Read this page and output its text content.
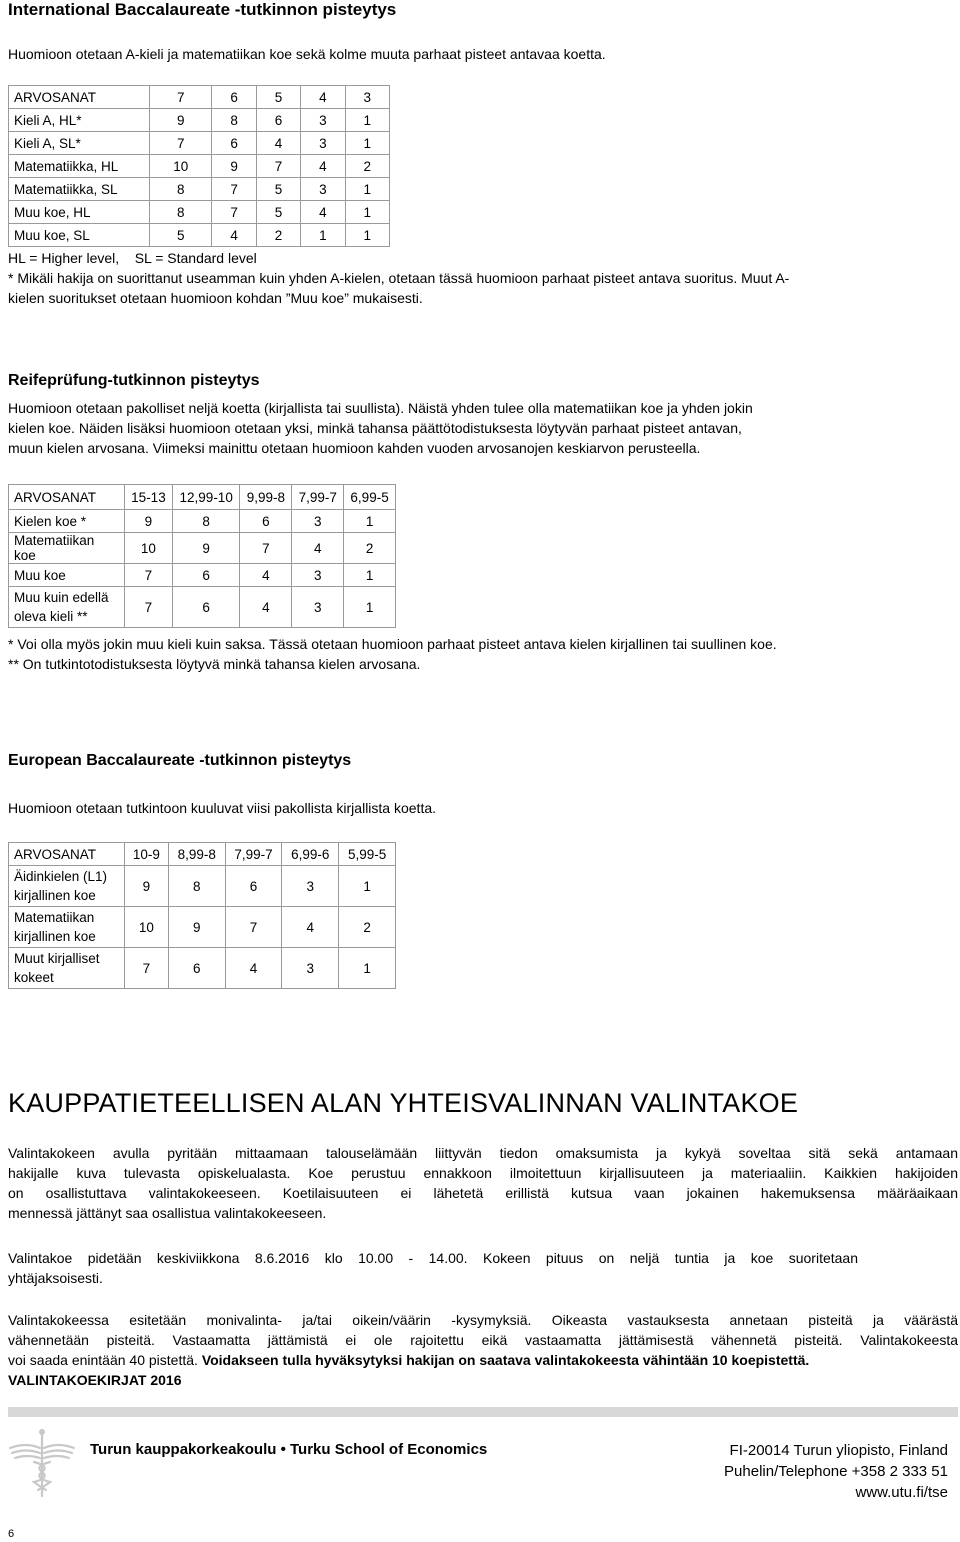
International Baccalaureate -tutkinnon pisteytys
Huomioon otetaan A-kieli ja matematiikan koe sekä kolme muuta parhaat pisteet antavaa koetta.
ARVOSANAT	7	6	5	4	3
Kieli A, HL*	9	8	6	3	1
Kieli A, SL*	7	6	4	3	1
Matematiikka, HL	10	9	7	4	2
Matematiikka, SL	8	7	5	3	1
Muu koe, HL	8	7	5	4	1
Muu koe, SL	5	4	2	1	1
HL = Higher level,    SL = Standard level
* Mikäli hakija on suorittanut useamman kuin yhden A-kielen, otetaan tässä huomioon parhaat pisteet antava suoritus. Muut A-
kielen suoritukset otetaan huomioon kohdan ”Muu koe” mukaisesti.
Reifeprüfung-tutkinnon pisteytys
Huomioon otetaan pakolliset neljä koetta (kirjallista tai suullista). Näistä yhden tulee olla matematiikan koe ja yhden jokin
kielen koe. Näiden lisäksi huomioon otetaan yksi, minkä tahansa päättötodistuksesta löytyvän parhaat pisteet antavan,
muun kielen arvosana. Viimeksi mainittu otetaan huomioon kahden vuoden arvosanojen keskiarvon perusteella.
ARVOSANAT	15-13	12,99-10	9,99-8	7,99-7	6,99-5
Kielen koe *	9	8	6	3	1
Matematiikan koe	10	9	7	4	2
Muu koe	7	6	4	3	1

Muu kuin edellä
oleva kieli **	7	6	4	3	1
* Voi olla myös jokin muu kieli kuin saksa. Tässä otetaan huomioon parhaat pisteet antava kielen kirjallinen tai suullinen koe.
** On tutkintotodistuksesta löytyvä minkä tahansa kielen arvosana.
European Baccalaureate -tutkinnon pisteytys
Huomioon otetaan tutkintoon kuuluvat viisi pakollista kirjallista koetta.
ARVOSANAT	10-9	8,99-8	7,99-7	6,99-6	5,99-5

Äidinkielen (L1)
kirjallinen koe	9	8	6	3	1

Matematiikan
kirjallinen koe	10	9	7	4	2

Muut kirjalliset
kokeet	7	6	4	3	1
KAUPPATIETEELLISEN ALAN YHTEISVALINNAN VALINTAKOE
Valintakokeen avulla pyritään mittaamaan talouselämään liittyvän tiedon omaksumista ja kykyä soveltaa sitä sekä antamaan
hakijalle kuva tulevasta opiskelualasta. Koe perustuu ennakkoon ilmoitettuun kirjallisuuteen ja materiaaliin. Kaikkien hakijoiden
on osallistuttava valintakokeeseen. Koetilaisuuteen ei lähetetä erillistä kutsua vaan jokainen hakemuksensa määräaikaan
mennessä jättänyt saa osallistua valintakokeeseen.
Valintakoe pidetään keskiviikkona 8.6.2016 klo 10.00 - 14.00. Kokeen pituus on neljä tuntia ja koe suoritetaan
yhtäjaksoisesti.
Valintakokeessa esitetään monivalinta- ja/tai oikein/väärin -kysymyksiä. Oikeasta vastauksesta annetaan pisteitä ja väärästä
vähennetään pisteitä. Vastaamatta jättämistä ei ole rajoitettu eikä vastaamatta jättämisestä vähennetä pisteitä. Valintakokeesta
voi saada enintään 40 pistettä. Voidakseen tulla hyväksytyksi hakijan on saatava valintakokeesta vähintään 10 koepistettä.
VALINTAKOEKIRJAT 2016
Turun kauppakorkeakoulu • Turku School of Economics	FI-20014 Turun yliopisto, Finland
Puhelin/Telephone +358 2 333 51
www.utu.fi/tse
6
